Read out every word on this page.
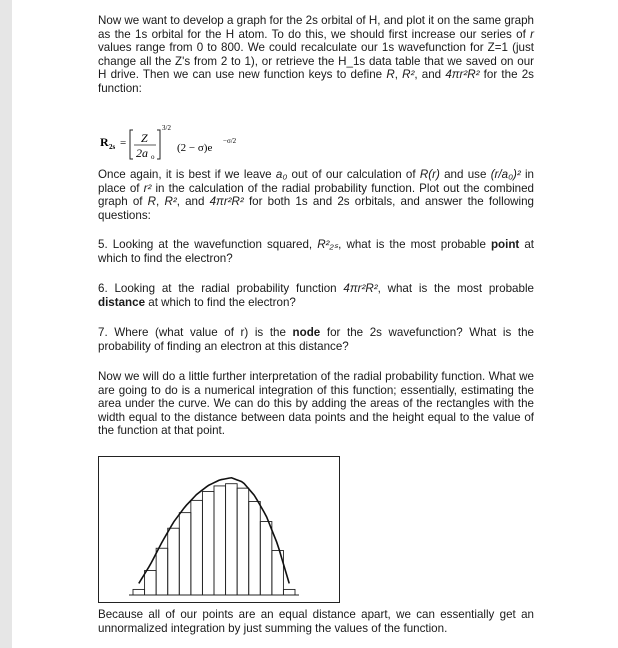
Now we want to develop a graph for the 2s orbital of H, and plot it on the same graph as the 1s orbital for the H atom. To do this, we should first increase our series of r values range from 0 to 800. We could recalculate our 1s wavefunction for Z=1 (just change all the Z's from 2 to 1), or retrieve the H_1s data table that we saved on our H drive. Then we can use new function keys to define R, R², and 4πr²R² for the 2s function:

R 2s = Z
2a o
3/2
(2 − σ)e
−σ/2

Once again, it is best if we leave a₀ out of our calculation of R(r) and use (r/a₀)² in place of r² in the calculation of the radial probability function. Plot out the combined graph of R, R², and 4πr²R² for both 1s and 2s orbitals, and answer the following questions:

5. Looking at the wavefunction squared, R²₂ₛ, what is the most probable point at which to find the electron?

6. Looking at the radial probability function 4πr²R², what is the most probable distance at which to find the electron?

7. Where (what value of r) is the node for the 2s wavefunction? What is the probability of finding an electron at this distance?

Now we will do a little further interpretation of the radial probability function. What we are going to do is a numerical integration of this function; essentially, estimating the area under the curve. We can do this by adding the areas of the rectangles with the width equal to the distance between data points and the height equal to the value of the function at that point.

Because all of our points are an equal distance apart, we can essentially get an unnormalized integration by just summing the values of the function.
